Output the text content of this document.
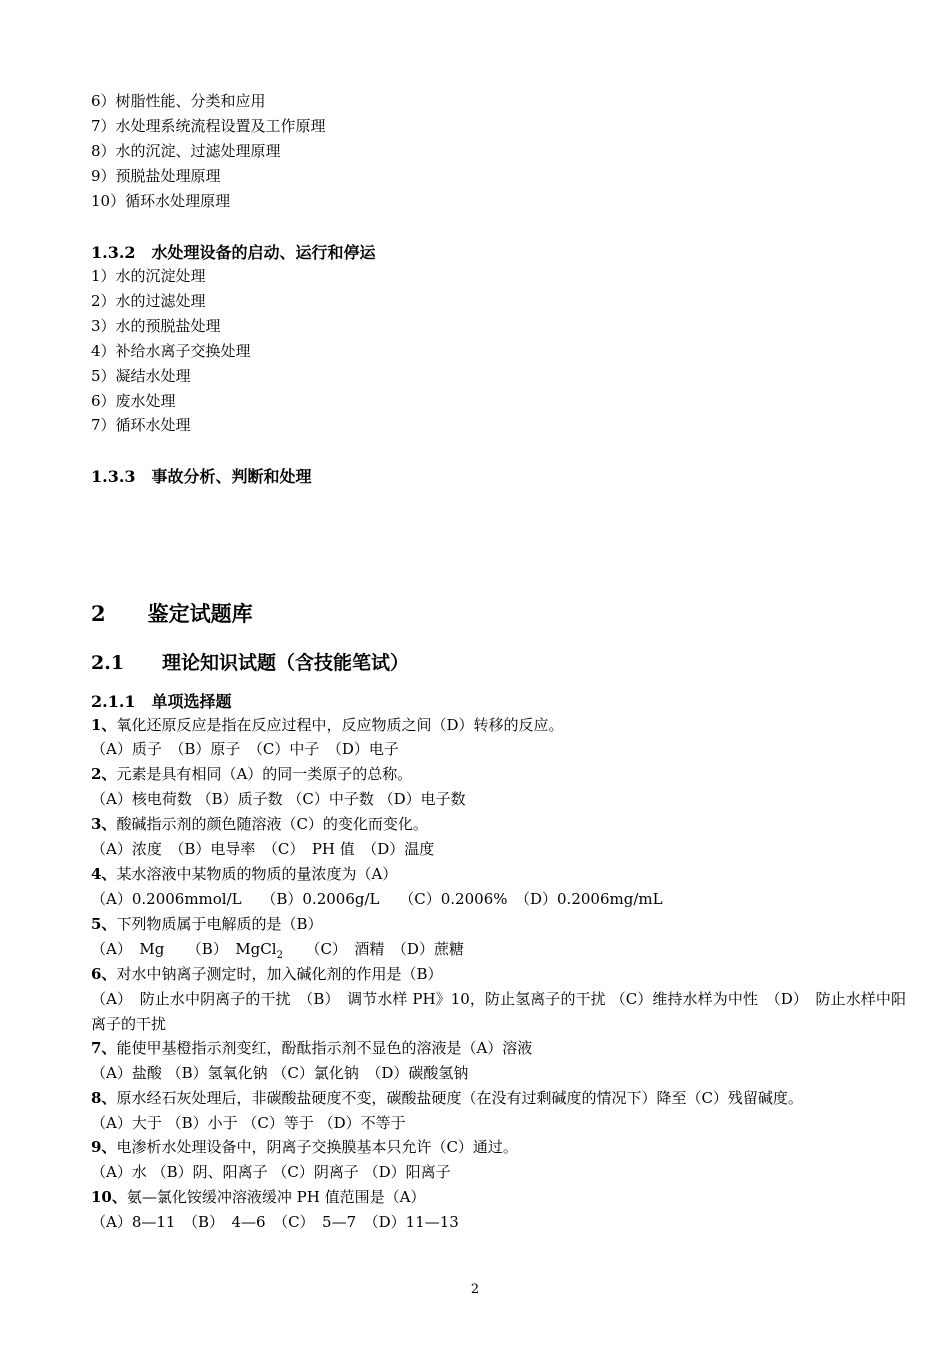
6）树脂性能、分类和应用

7）水处理系统流程设置及工作原理

8）水的沉淀、过滤处理原理

9）预脱盐处理原理

10）循环水处理原理

1.3.2　水处理设备的启动、运行和停运

1）水的沉淀处理

2）水的过滤处理

3）水的预脱盐处理

4）补给水离子交换处理

5）凝结水处理

6）废水处理

7）循环水处理

1.3.3　事故分析、判断和处理

2　　鉴定试题库

2.1　　理论知识试题（含技能笔试）

2.1.1　单项选择题

1、氧化还原反应是指在反应过程中，反应物质之间（D）转移的反应。

（A）质子　（B）原子　（C）中子　（D）电子

2、元素是具有相同（A）的同一类原子的总称。

（A）核电荷数 （B）质子数 （C）中子数 （D）电子数

3、酸碱指示剂的颜色随溶液（C）的变化而变化。

（A）浓度　（B）电导率　（C）　PH 值　（D）温度

4、某水溶液中某物质的物质的量浓度为（A）

（A）0.2006mmol/L　 （B）0.2006g/L　 （C）0.2006%　（D）0.2006mg/mL

5、下列物质属于电解质的是（B）

（A）　Mg　　（B）　MgCl$_2$　　（C）　酒精　（D）蔗糖

6、对水中钠离子测定时，加入碱化剂的作用是（B）

（A）　防止水中阴离子的干扰　（B）　调节水样 PH》10，防止氢离子的干扰 （C）维持水样为中性　（D）　防止水样中阳离子的干扰

7、能使甲基橙指示剂变红，酚酞指示剂不显色的溶液是（A）溶液

（A）盐酸 （B）氢氧化钠 （C）氯化钠　（D）碳酸氢钠

8、原水经石灰处理后，非碳酸盐硬度不变，碳酸盐硬度（在没有过剩碱度的情况下）降至（C）残留碱度。

（A）大于 （B）小于 （C）等于 （D）不等于

9、电渗析水处理设备中，阴离子交换膜基本只允许（C）通过。

（A）水 （B）阴、阳离子 （C）阴离子 （D）阳离子

10、氨—氯化铵缓冲溶液缓冲 PH 值范围是（A）

（A）8—11　（B）　4—6　（C）　5—7　（D）11—13

2
